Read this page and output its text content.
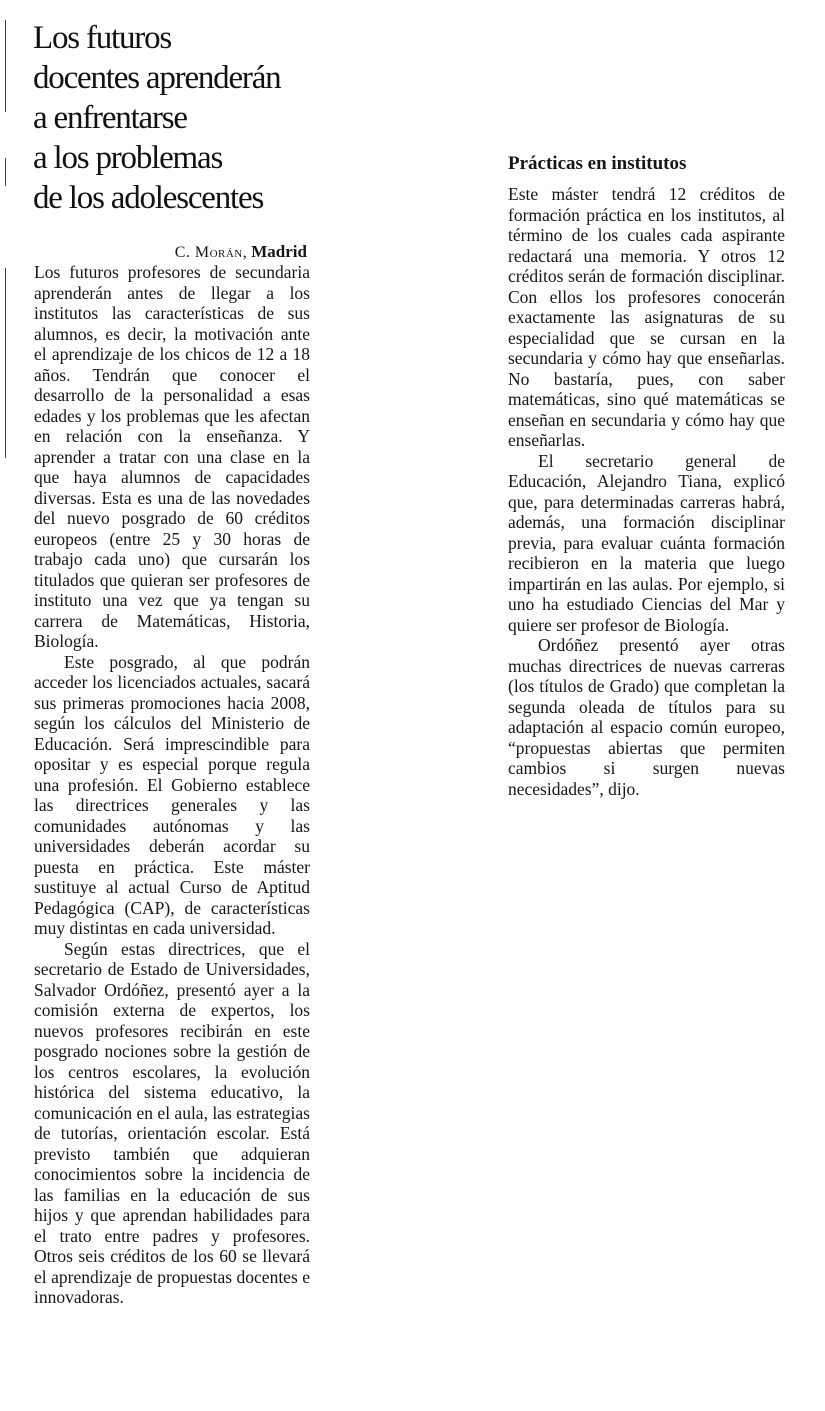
Los futuros
docentes aprenderán
a enfrentarse
a los problemas
de los adolescentes
C. Morán, Madrid

Los futuros profesores de secundaria aprenderán antes de llegar a los institutos las características de sus alumnos, es decir, la motivación ante el aprendizaje de los chicos de 12 a 18 años. Tendrán que conocer el desarrollo de la personalidad a esas edades y los problemas que les afectan en relación con la enseñanza. Y aprender a tratar con una clase en la que haya alumnos de capacidades diversas. Esta es una de las novedades del nuevo posgrado de 60 créditos europeos (entre 25 y 30 horas de trabajo cada uno) que cursarán los titulados que quieran ser profesores de instituto una vez que ya tengan su carrera de Matemáticas, Historia, Biología.

Este posgrado, al que podrán acceder los licenciados actuales, sacará sus primeras promociones hacia 2008, según los cálculos del Ministerio de Educación. Será imprescindible para opositar y es especial porque regula una profesión. El Gobierno establece las directrices generales y las comunidades autónomas y las universidades deberán acordar su puesta en práctica. Este máster sustituye al actual Curso de Aptitud Pedagógica (CAP), de características muy distintas en cada universidad.

Según estas directrices, que el secretario de Estado de Universidades, Salvador Ordóñez, presentó ayer a la comisión externa de expertos, los nuevos profesores recibirán en este posgrado nociones sobre la gestión de los centros escolares, la evolución histórica del sistema educativo, la comunicación en el aula, las estrategias de tutorías, orientación escolar. Está previsto también que adquieran conocimientos sobre la incidencia de las familias en la educación de sus hijos y que aprendan habilidades para el trato entre padres y profesores. Otros seis créditos de los 60 se llevará el aprendizaje de propuestas docentes e innovadoras.

Prácticas en institutos

Este máster tendrá 12 créditos de formación práctica en los institutos, al término de los cuales cada aspirante redactará una memoria. Y otros 12 créditos serán de formación disciplinar. Con ellos los profesores conocerán exactamente las asignaturas de su especialidad que se cursan en la secundaria y cómo hay que enseñarlas. No bastaría, pues, con saber matemáticas, sino qué matemáticas se enseñan en secundaria y cómo hay que enseñarlas.

El secretario general de Educación, Alejandro Tiana, explicó que, para determinadas carreras habrá, además, una formación disciplinar previa, para evaluar cuánta formación recibieron en la materia que luego impartirán en las aulas. Por ejemplo, si uno ha estudiado Ciencias del Mar y quiere ser profesor de Biología.

Ordóñez presentó ayer otras muchas directrices de nuevas carreras (los títulos de Grado) que completan la segunda oleada de títulos para su adaptación al espacio común europeo, “propuestas abiertas que permiten cambios si surgen nuevas necesidades”, dijo.
